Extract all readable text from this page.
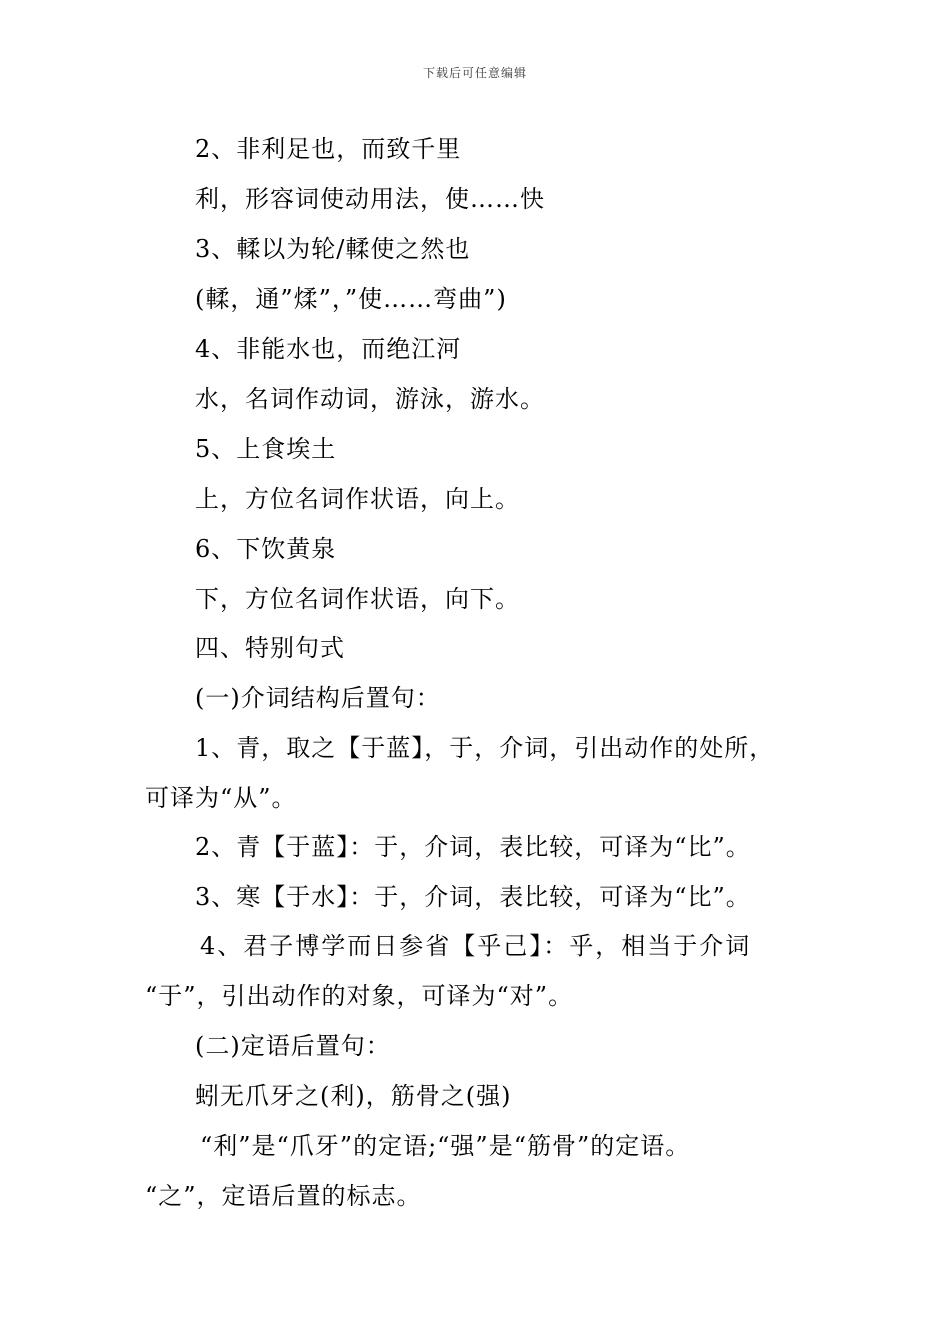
下载后可任意编辑
2、非利足也，而致千里
利，形容词使动用法，使……快
3、輮以为轮/輮使之然也
(輮，通”煣”，”使……弯曲”)
4、非能水也，而绝江河
水，名词作动词，游泳，游水。
5、上食埃土
上，方位名词作状语，向上。
6、下饮黄泉
下，方位名词作状语，向下。
四、特别句式
(一)介词结构后置句：
1、青，取之【于蓝】，于，介词，引出动作的处所，
可译为“从”。
2、青【于蓝】：于，介词，表比较，可译为“比”。
3、寒【于水】：于，介词，表比较，可译为“比”。
4、君子博学而日参省【乎己】：乎，相当于介词
“于”，引出动作的对象，可译为“对”。
(二)定语后置句：
蚓无爪牙之(利)，筋骨之(强)
“利”是“爪牙”的定语;“强”是“筋骨”的定语。
“之”，定语后置的标志。
